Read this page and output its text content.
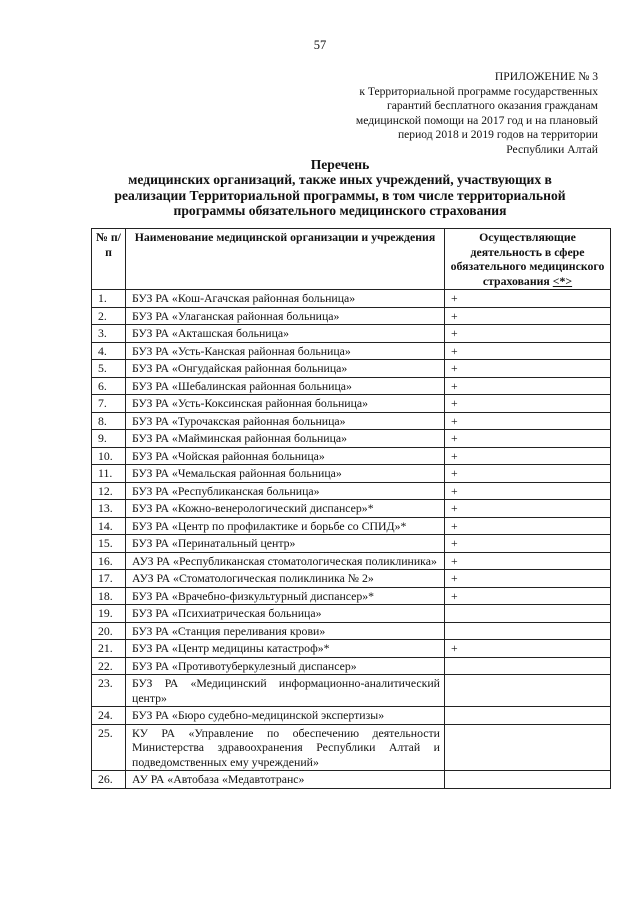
57
ПРИЛОЖЕНИЕ № 3
к Территориальной программе государственных
гарантий бесплатного оказания гражданам
медицинской помощи на 2017 год и на плановый
период 2018 и 2019 годов на территории
Республики Алтай
Перечень
медицинских организаций, также иных учреждений, участвующих в
реализации Территориальной программы, в том числе территориальной
программы обязательного медицинского страхования
№ п/п	Наименование медицинской организации и учреждения	Осуществляющие деятельность в сфере обязательного медицинского страхования <*>
1.	БУЗ РА «Кош-Агачская районная больница»	+
2.	БУЗ РА «Улаганская районная больница»	+
3.	БУЗ РА «Акташская больница»	+
4.	БУЗ РА «Усть-Канская районная больница»	+
5.	БУЗ РА «Онгудайская районная больница»	+
6.	БУЗ РА «Шебалинская районная больница»	+
7.	БУЗ РА «Усть-Коксинская районная больница»	+
8.	БУЗ РА «Турочакская районная больница»	+
9.	БУЗ РА «Майминская районная больница»	+
10.	БУЗ РА «Чойская районная больница»	+
11.	БУЗ РА «Чемальская районная больница»	+
12.	БУЗ РА «Республиканская больница»	+
13.	БУЗ РА «Кожно-венерологический диспансер»*	+
14.	БУЗ РА «Центр по профилактике и борьбе со СПИД»*	+
15.	БУЗ РА «Перинатальный центр»	+
16.	АУЗ РА «Республиканская стоматологическая поликлиника»	+
17.	АУЗ РА «Стоматологическая поликлиника № 2»	+
18.	БУЗ РА «Врачебно-физкультурный диспансер»*	+
19.	БУЗ РА «Психиатрическая больница»	
20.	БУЗ РА «Станция переливания крови»	
21.	БУЗ РА «Центр медицины катастроф»*	+
22.	БУЗ РА «Противотуберкулезный диспансер»	
23.	БУЗ РА «Медицинский информационно-аналитический центр»	
24.	БУЗ РА «Бюро судебно-медицинской экспертизы»	
25.	КУ РА «Управление по обеспечению деятельности Министерства здравоохранения Республики Алтай и подведомственных ему учреждений»	
26.	АУ РА «Автобаза «Медавтотранс»	
